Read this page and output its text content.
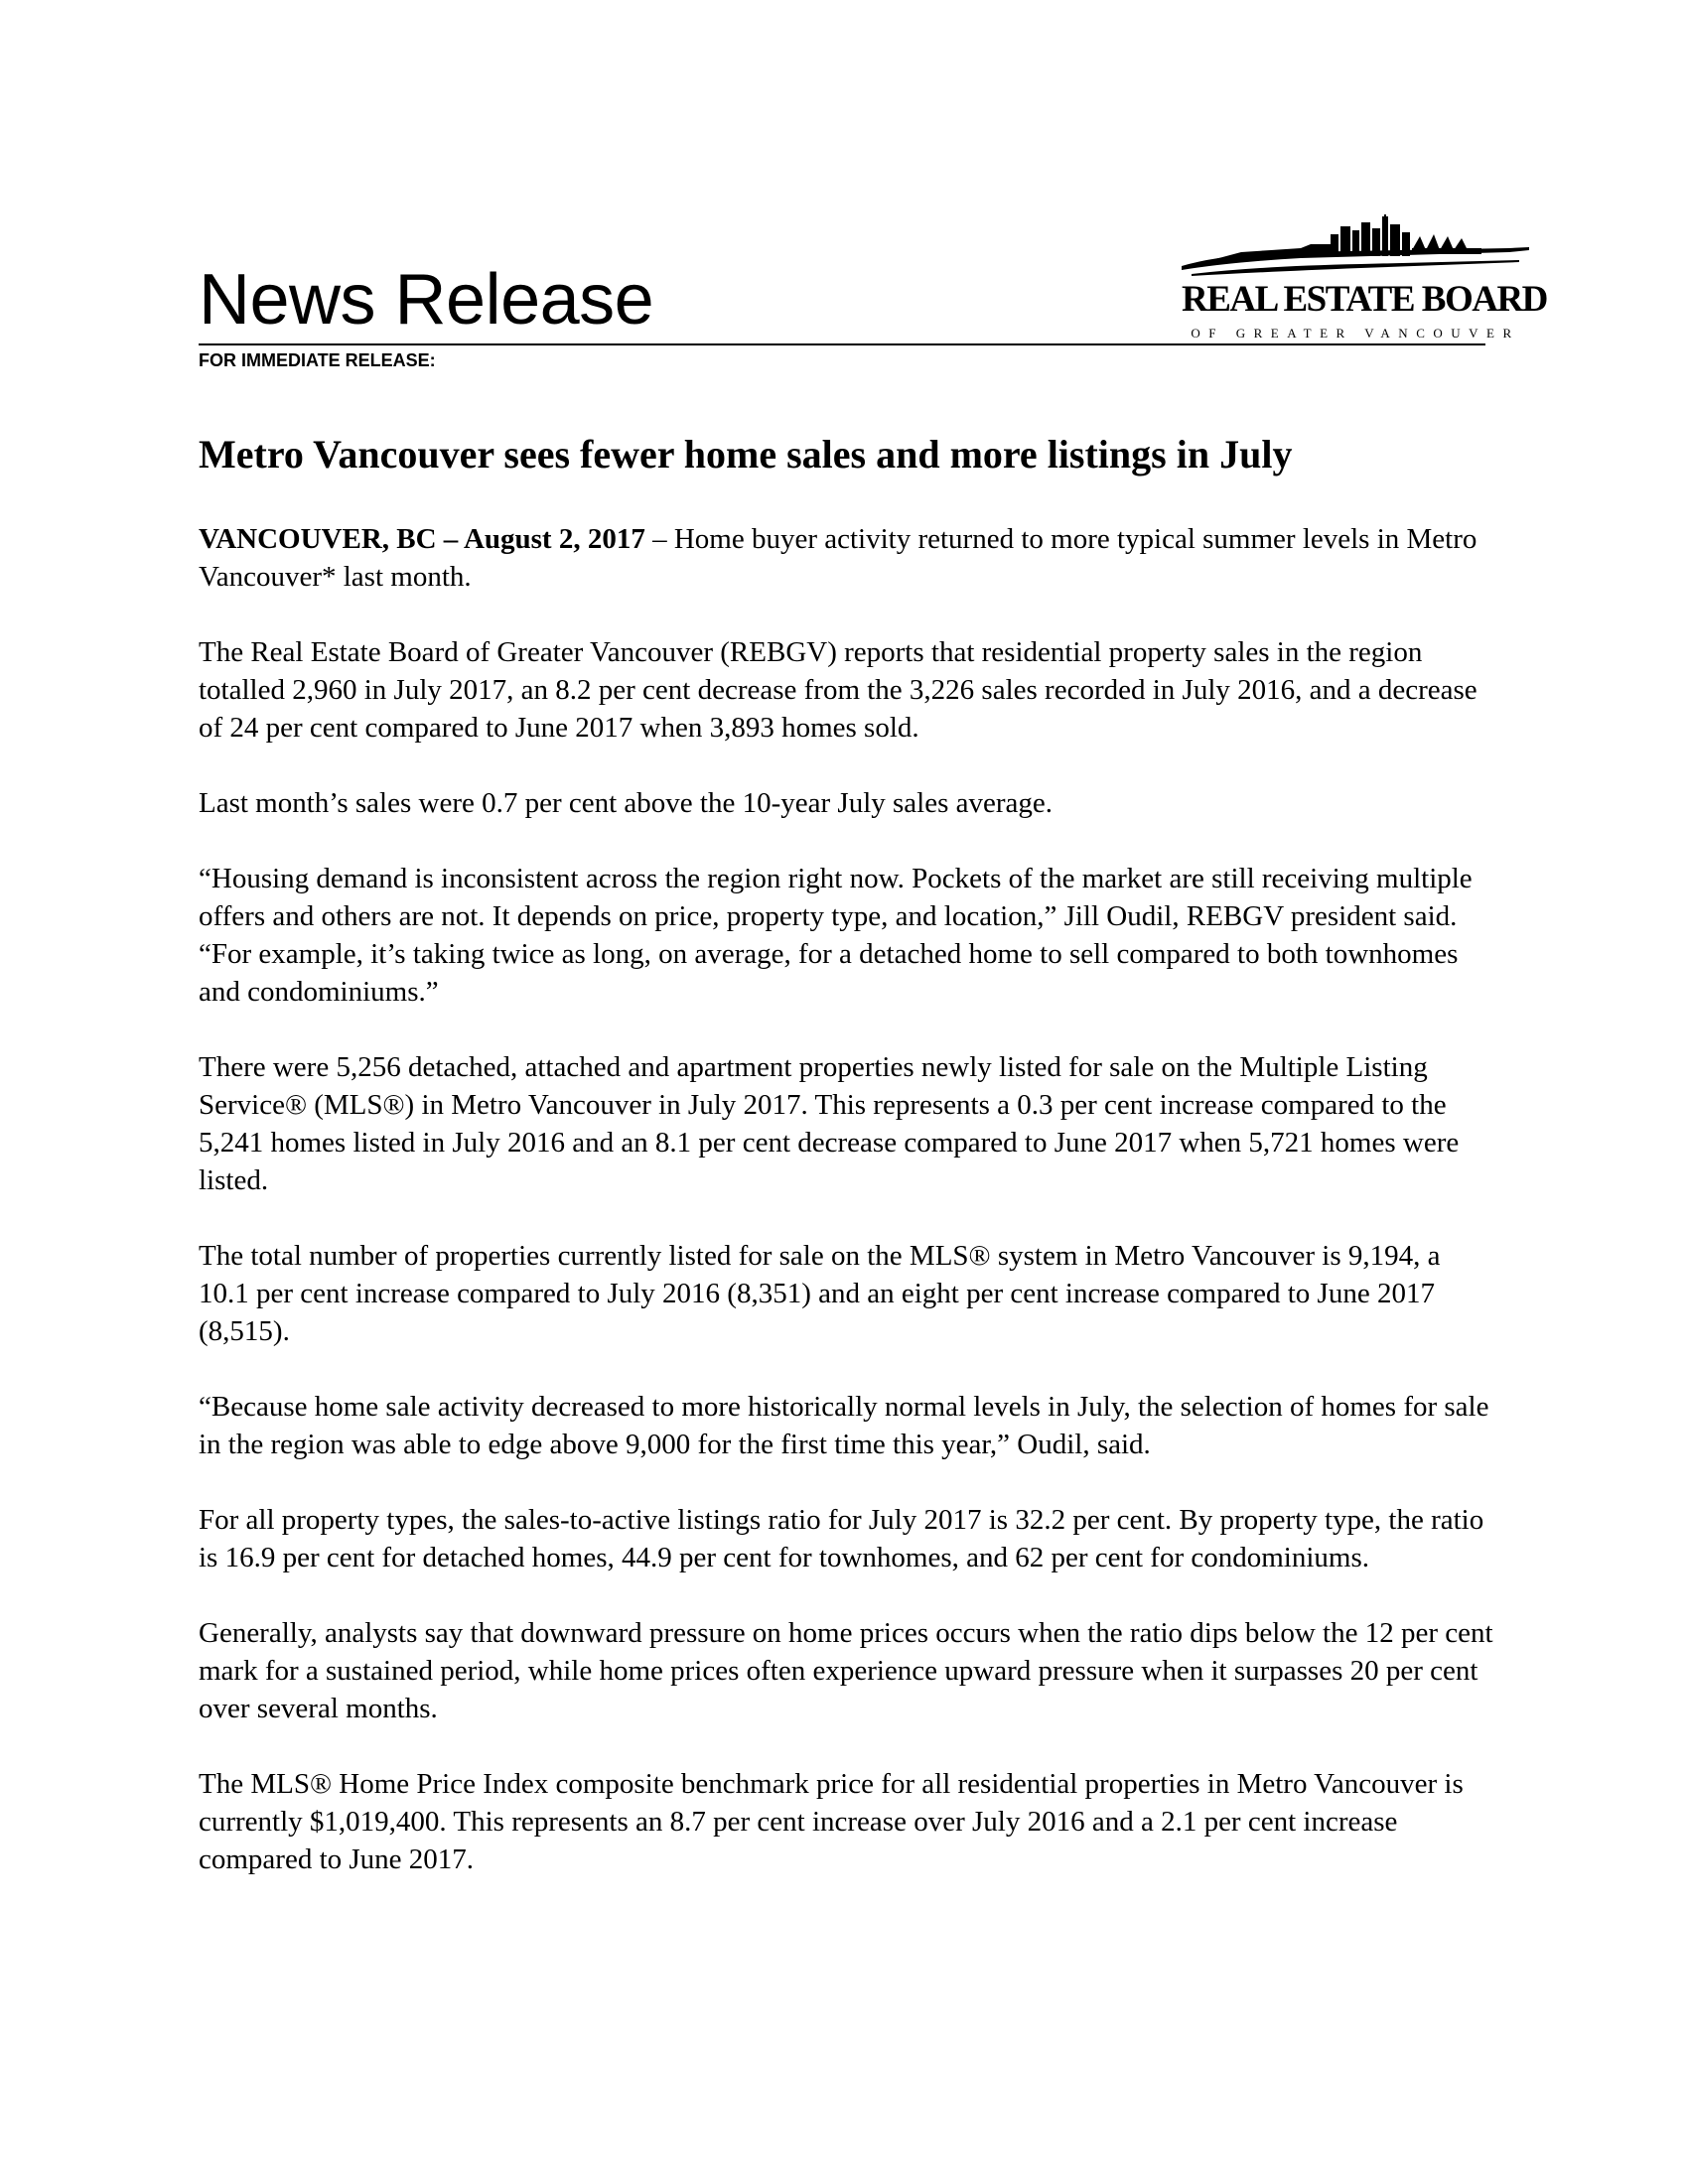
News Release	REAL ESTATE BOARD
OF GREATER VANCOUVER
FOR IMMEDIATE RELEASE:
Metro Vancouver sees fewer home sales and more listings in July

VANCOUVER, BC – August 2, 2017 – Home buyer activity returned to more typical summer levels in Metro Vancouver* last month.

The Real Estate Board of Greater Vancouver (REBGV) reports that residential property sales in the region totalled 2,960 in July 2017, an 8.2 per cent decrease from the 3,226 sales recorded in July 2016, and a decrease of 24 per cent compared to June 2017 when 3,893 homes sold.

Last month’s sales were 0.7 per cent above the 10-year July sales average.

“Housing demand is inconsistent across the region right now. Pockets of the market are still receiving multiple offers and others are not. It depends on price, property type, and location,” Jill Oudil, REBGV president said. “For example, it’s taking twice as long, on average, for a detached home to sell compared to both townhomes and condominiums.”

There were 5,256 detached, attached and apartment properties newly listed for sale on the Multiple Listing Service® (MLS®) in Metro Vancouver in July 2017. This represents a 0.3 per cent increase compared to the 5,241 homes listed in July 2016 and an 8.1 per cent decrease compared to June 2017 when 5,721 homes were listed.

The total number of properties currently listed for sale on the MLS® system in Metro Vancouver is 9,194, a 10.1 per cent increase compared to July 2016 (8,351) and an eight per cent increase compared to June 2017 (8,515).

“Because home sale activity decreased to more historically normal levels in July, the selection of homes for sale in the region was able to edge above 9,000 for the first time this year,” Oudil, said.

For all property types, the sales-to-active listings ratio for July 2017 is 32.2 per cent. By property type, the ratio is 16.9 per cent for detached homes, 44.9 per cent for townhomes, and 62 per cent for condominiums.

Generally, analysts say that downward pressure on home prices occurs when the ratio dips below the 12 per cent mark for a sustained period, while home prices often experience upward pressure when it surpasses 20 per cent over several months.

The MLS® Home Price Index composite benchmark price for all residential properties in Metro Vancouver is currently $1,019,400. This represents an 8.7 per cent increase over July 2016 and a 2.1 per cent increase compared to June 2017.
